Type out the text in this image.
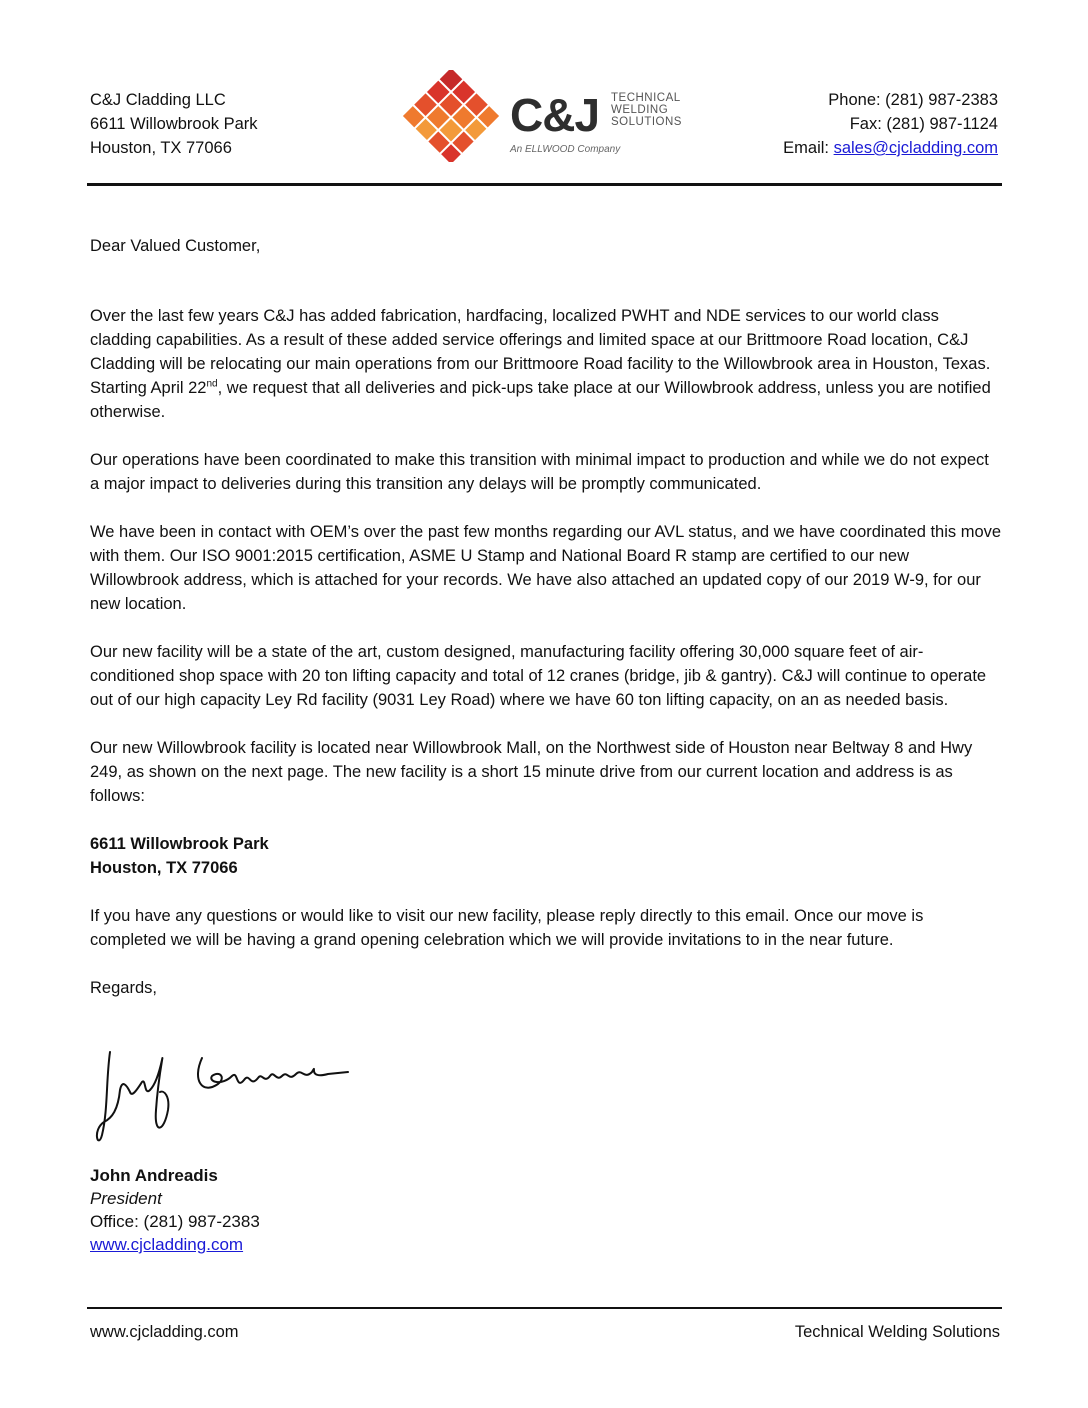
C&J Cladding LLC
6611 Willowbrook Park
Houston, TX 77066
C&J TECHNICAL
WELDING
SOLUTIONS
An ELLWOOD Company
Phone: (281) 987-2383
Fax: (281) 987-1124
Email: sales@cjcladding.com

Dear Valued Customer,

Over the last few years C&J has added fabrication, hardfacing, localized PWHT and NDE services to our world class cladding capabilities. As a result of these added service offerings and limited space at our Brittmoore Road location, C&J Cladding will be relocating our main operations from our Brittmoore Road facility to the Willowbrook area in Houston, Texas. Starting April 22nd, we request that all deliveries and pick-ups take place at our Willowbrook address, unless you are notified otherwise.

Our operations have been coordinated to make this transition with minimal impact to production and while we do not expect a major impact to deliveries during this transition any delays will be promptly communicated.

We have been in contact with OEM’s over the past few months regarding our AVL status, and we have coordinated this move with them. Our ISO 9001:2015 certification, ASME U Stamp and National Board R stamp are certified to our new Willowbrook address, which is attached for your records. We have also attached an updated copy of our 2019 W-9, for our new location.

Our new facility will be a state of the art, custom designed, manufacturing facility offering 30,000 square feet of air-conditioned shop space with 20 ton lifting capacity and total of 12 cranes (bridge, jib & gantry). C&J will continue to operate out of our high capacity Ley Rd facility (9031 Ley Road) where we have 60 ton lifting capacity, on an as needed basis.

Our new Willowbrook facility is located near Willowbrook Mall, on the Northwest side of Houston near Beltway 8 and Hwy 249, as shown on the next page. The new facility is a short 15 minute drive from our current location and address is as follows:

6611 Willowbrook Park
Houston, TX 77066

If you have any questions or would like to visit our new facility, please reply directly to this email. Once our move is completed we will be having a grand opening celebration which we will provide invitations to in the near future.

Regards,

John Andreadis
President
Office: (281) 987-2383
www.cjcladding.com
www.cjcladding.com	Technical Welding Solutions
